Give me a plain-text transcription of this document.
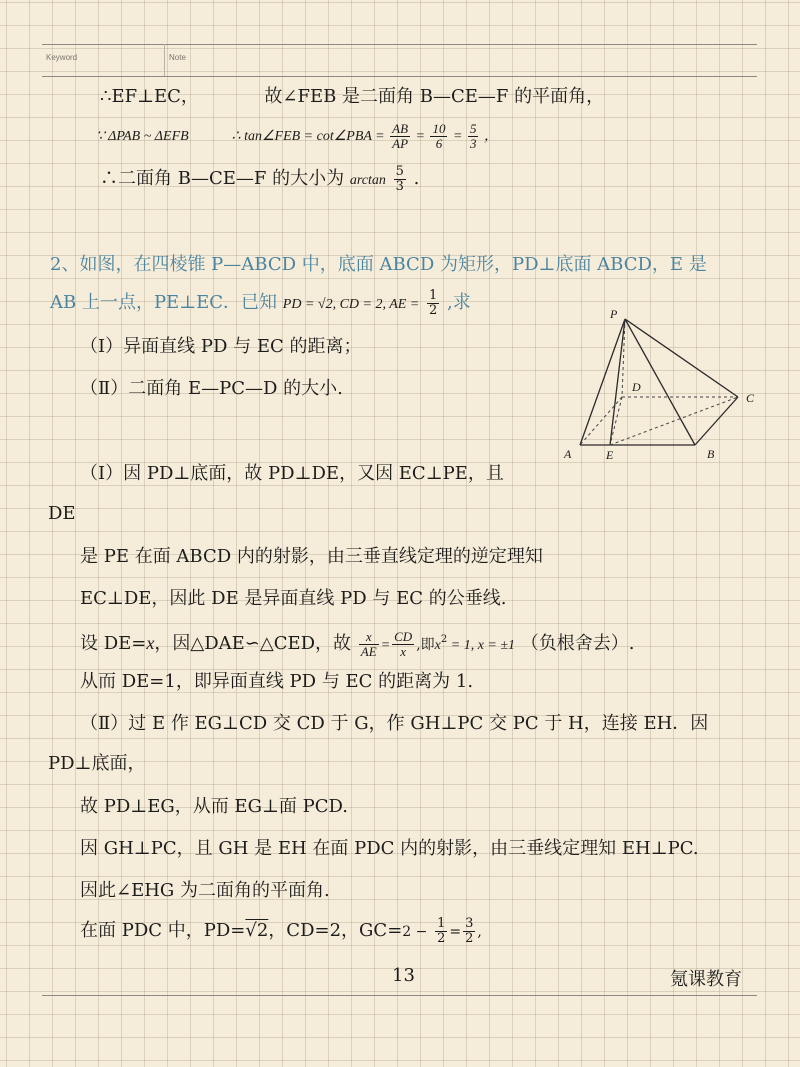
Keyword	Note
∴EF⊥EC，	故∠FEB 是二面角 B—CE—F 的平面角，
∵ ΔPAB ~ ΔEFB	∴ tan∠FEB = cot∠PBA = $\frac{AB}{AP} = \frac{10}{6} = \frac{5}{3}$ ，
∴二面角 B—CE—F 的大小为 $\arctan \frac{5}{3}$ .
2、如图，在四棱锥 P—ABCD 中，底面 ABCD 为矩形，PD⊥底面 ABCD，E 是
AB 上一点，PE⊥EC．已知 PD = √2, CD = 2, AE = $\frac{1}{2}$ ,求
（Ⅰ）异面直线 PD 与 EC 的距离；
（Ⅱ）二面角 E—PC—D 的大小.
P
D
C
A	E	B
（Ⅰ）因 PD⊥底面，故 PD⊥DE，又因 EC⊥PE，且
DE
是 PE 在面 ABCD 内的射影，由三垂直线定理的逆定理知
EC⊥DE，因此 DE 是异面直线 PD 与 EC 的公垂线.
设 DE=x，因△DAE∽△CED，故 $\frac{x}{AE} = \frac{CD}{x}$ ,即$x^2 = 1$, x = ±1 （负根舍去）.
从而 DE=1，即异面直线 PD 与 EC 的距离为 1.
（Ⅱ）过 E 作 EG⊥CD 交 CD 于 G，作 GH⊥PC 交 PC 于 H，连接 EH．因
PD⊥底面，
故 PD⊥EG，从而 EG⊥面 PCD.
因 GH⊥PC，且 GH 是 EH 在面 PDC 内的射影，由三垂线定理知 EH⊥PC.
因此∠EHG 为二面角的平面角.
在面 PDC 中，PD=√2，CD=2，$GC=2 - \frac{1}{2} = \frac{3}{2}$ ,
13	氪课教育
